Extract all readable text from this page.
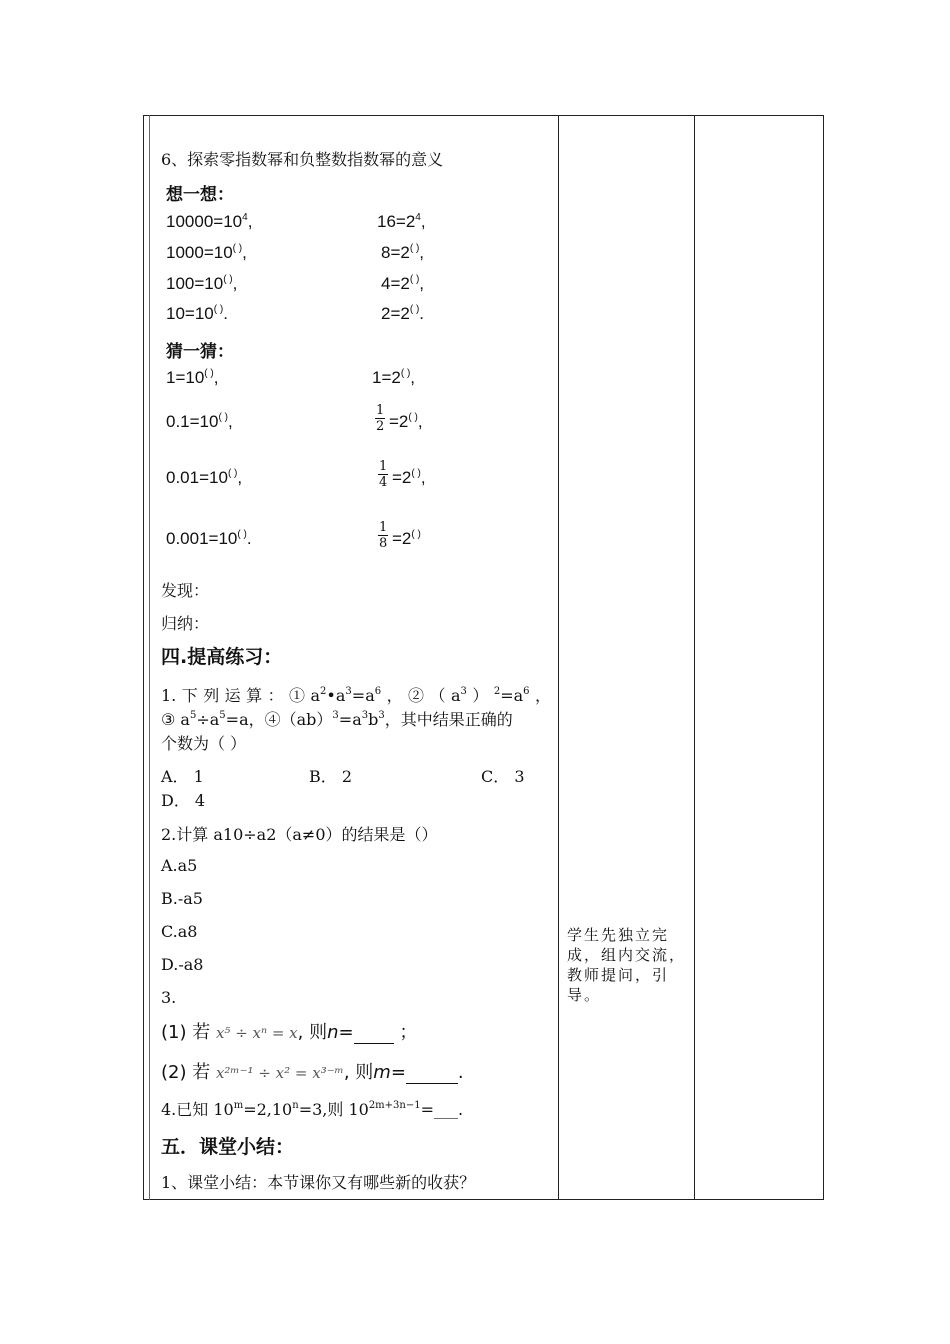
6、探索零指数幂和负整数指数幂的意义
想一想：
$10000=10^4$,	$16=2^4$,
1000=10( ),	8=2( ),
100=10( ),	4=2( ),
10=10( ).	2=2( ).
猜一猜：
1=10( ),	1=2( ),
0.1=10( ),	$\frac{1}{2} =2^{( )}$,
0.01=10( ),	$\frac{1}{4} =2^{( )}$,
0.001=10( ).	$\frac{1}{8} =2^{( )}$
发现：
归纳：
四.提高练习：
1.下列运算：$①a^2•a^3=a^6$，$②(a^3)^2=a^6$，
③ $a^5\div a^5=a$，$④(ab)^3=a^3b^3$，其中结果正确的
个数为（ ）
A． 1	B． 2	C． 3
D． 4
2.计算 a10÷a2（a≠0）的结果是（）
A.a5
B.-a5
C.a8
D.-a8
3.
(1) 若 x⁵ ÷ xⁿ = x, 则n=	；
(2) 若 x²ᵐ⁻¹ ÷ x² = x³⁻ᵐ, 则m=	.
4.已知 $10^m=2,10^n=3$,则 $10^{2m+3n-1}=\_\_\_$.
五．课堂小结：
1、课堂小结：本节课你又有哪些新的收获？
学生先独立完成，组内交流，教师提问，引导。
